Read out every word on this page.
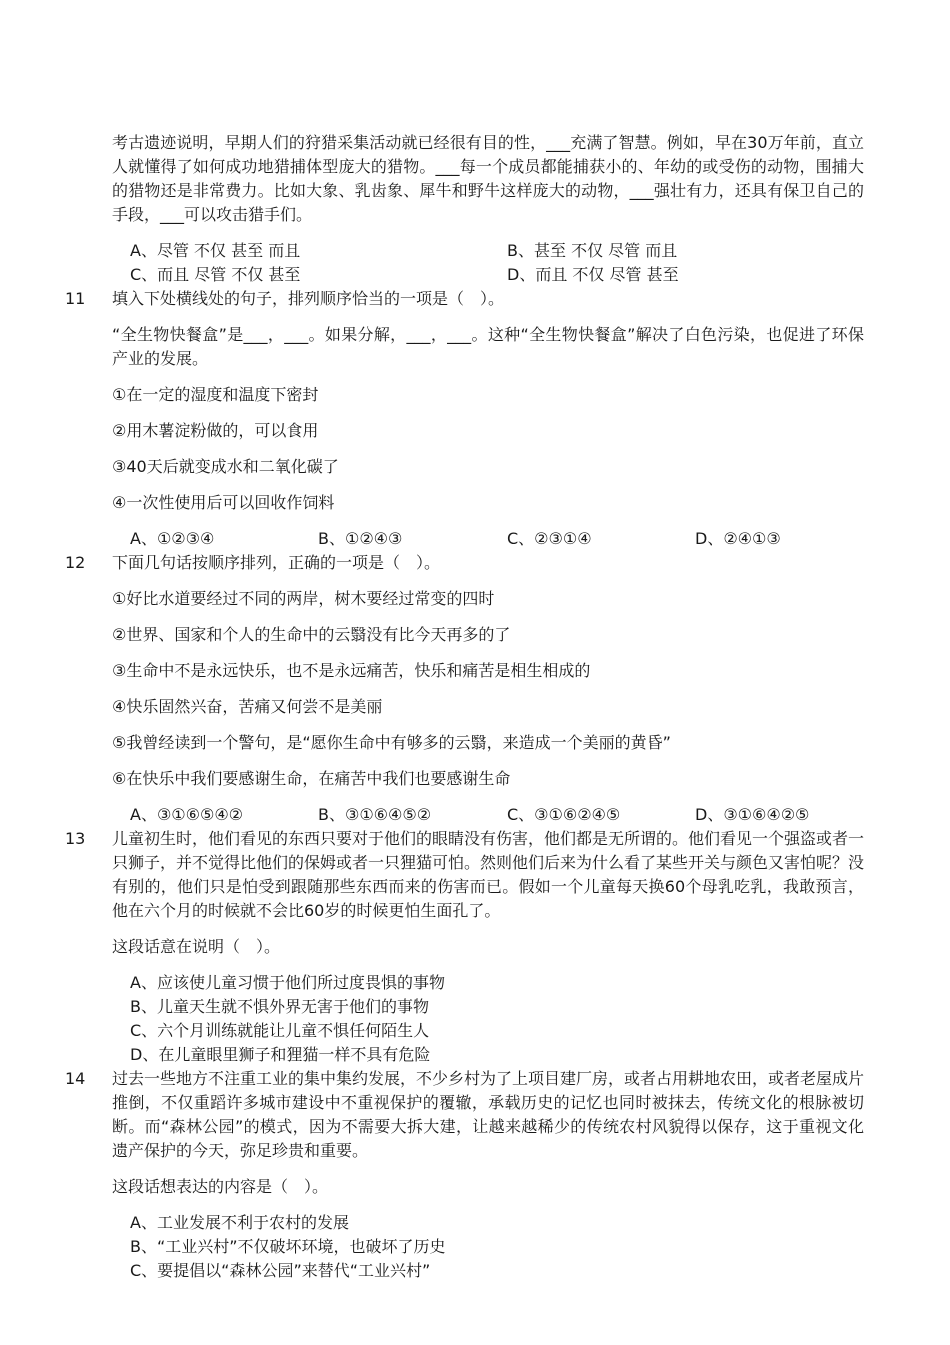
考古遗迹说明，早期人们的狩猎采集活动就已经很有目的性，___充满了智慧。例如，早在30万年前，直立人就懂得了如何成功地猎捕体型庞大的猎物。___每一个成员都能捕获小的、年幼的或受伤的动物，围捕大的猎物还是非常费力。比如大象、乳齿象、犀牛和野牛这样庞大的动物，___强壮有力，还具有保卫自己的手段，___可以攻击猎手们。

A、尽管 不仅 甚至 而且	B、甚至 不仅 尽管 而且
C、而且 尽管 不仅 甚至	D、而且 不仅 尽管 甚至
11 填入下处横线处的句子，排列顺序恰当的一项是（　）。

“全生物快餐盒”是___，___。如果分解，___，___。这种“全生物快餐盒”解决了白色污染，也促进了环保产业的发展。

①在一定的湿度和温度下密封

②用木薯淀粉做的，可以食用

③40天后就变成水和二氧化碳了

④一次性使用后可以回收作饲料

A、①②③④	B、①②④③	C、②③①④	D、②④①③
12 下面几句话按顺序排列，正确的一项是（　）。

①好比水道要经过不同的两岸，树木要经过常变的四时

②世界、国家和个人的生命中的云翳没有比今天再多的了

③生命中不是永远快乐，也不是永远痛苦，快乐和痛苦是相生相成的

④快乐固然兴奋，苦痛又何尝不是美丽

⑤我曾经读到一个警句，是“愿你生命中有够多的云翳，来造成一个美丽的黄昏”

⑥在快乐中我们要感谢生命，在痛苦中我们也要感谢生命

A、③①⑥⑤④②	B、③①⑥④⑤②	C、③①⑥②④⑤	D、③①⑥④②⑤
13 儿童初生时，他们看见的东西只要对于他们的眼睛没有伤害，他们都是无所谓的。他们看见一个强盗或者一只狮子，并不觉得比他们的保姆或者一只狸猫可怕。然则他们后来为什么看了某些开关与颜色又害怕呢？没有别的，他们只是怕受到跟随那些东西而来的伤害而已。假如一个儿童每天换60个母乳吃乳，我敢预言，他在六个月的时候就不会比60岁的时候更怕生面孔了。

这段话意在说明（　）。

A、应该使儿童习惯于他们所过度畏惧的事物
B、儿童天生就不惧外界无害于他们的事物
C、六个月训练就能让儿童不惧任何陌生人
D、在儿童眼里狮子和狸猫一样不具有危险
14 过去一些地方不注重工业的集中集约发展，不少乡村为了上项目建厂房，或者占用耕地农田，或者老屋成片推倒，不仅重蹈许多城市建设中不重视保护的覆辙，承载历史的记忆也同时被抹去，传统文化的根脉被切断。而“森林公园”的模式，因为不需要大拆大建，让越来越稀少的传统农村风貌得以保存，这于重视文化遗产保护的今天，弥足珍贵和重要。

这段话想表达的内容是（　）。

A、工业发展不利于农村的发展
B、“工业兴村”不仅破坏环境，也破坏了历史
C、要提倡以“森林公园”来替代“工业兴村”
